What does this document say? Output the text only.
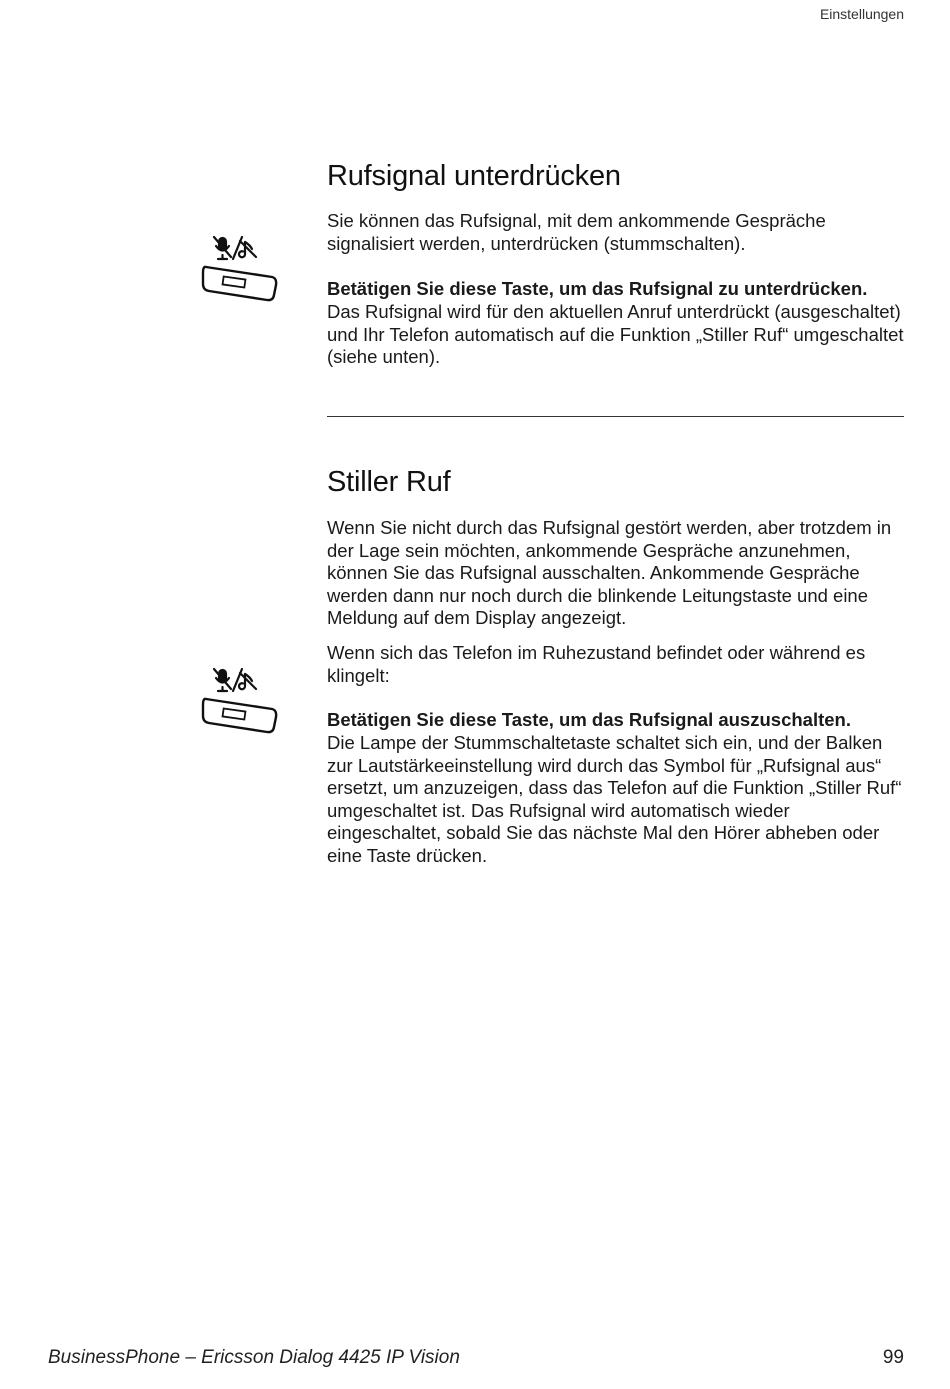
Einstellungen
Rufsignal unterdrücken

Sie können das Rufsignal, mit dem ankommende Gespräche signalisiert werden, unterdrücken (stummschalten).

Betätigen Sie diese Taste, um das Rufsignal zu unterdrücken.

Das Rufsignal wird für den aktuellen Anruf unterdrückt (ausgeschaltet) und Ihr Telefon automatisch auf die Funktion „Stiller Ruf“ umgeschaltet (siehe unten).

Stiller Ruf

Wenn Sie nicht durch das Rufsignal gestört werden, aber trotzdem in der Lage sein möchten, ankommende Gespräche anzunehmen, können Sie das Rufsignal ausschalten. Ankommende Gespräche werden dann nur noch durch die blinkende Leitungstaste und eine Meldung auf dem Display angezeigt.

Wenn sich das Telefon im Ruhezustand befindet oder während es klingelt:

Betätigen Sie diese Taste, um das Rufsignal auszuschalten.

Die Lampe der Stummschaltetaste schaltet sich ein, und der Balken zur Lautstärkeeinstellung wird durch das Symbol für „Rufsignal aus“ ersetzt, um anzuzeigen, dass das Telefon auf die Funktion „Stiller Ruf“ umgeschaltet ist. Das Rufsignal wird automatisch wieder eingeschaltet, sobald Sie das nächste Mal den Hörer abheben oder eine Taste drücken.

BusinessPhone – Ericsson Dialog 4425 IP Vision	99
